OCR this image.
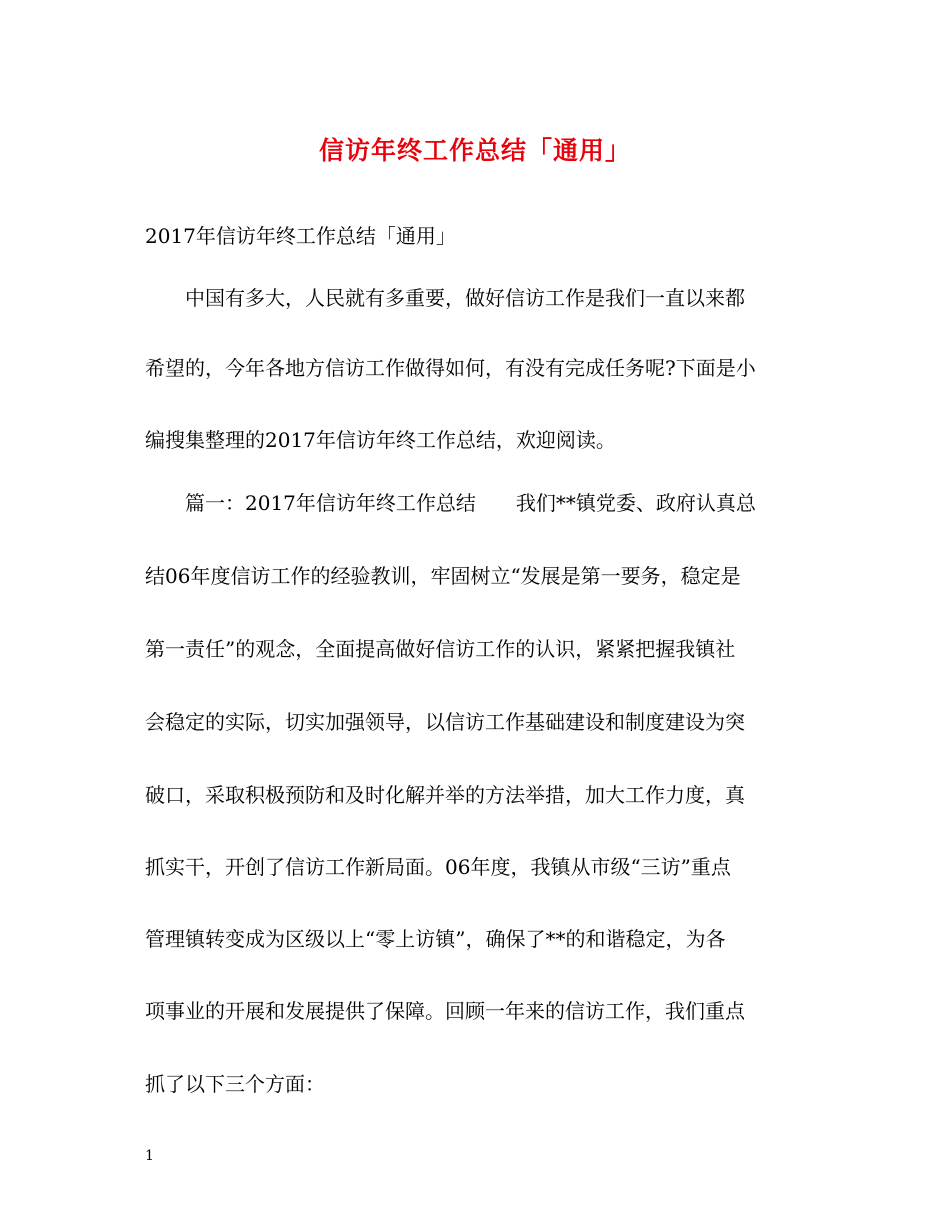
信访年终工作总结「通用」
2017年信访年终工作总结「通用」
　　中国有多大，人民就有多重要，做好信访工作是我们一直以来都
希望的，今年各地方信访工作做得如何，有没有完成任务呢?下面是小
编搜集整理的2017年信访年终工作总结，欢迎阅读。
　　篇一：2017年信访年终工作总结　　我们**镇党委、政府认真总
结06年度信访工作的经验教训，牢固树立“发展是第一要务，稳定是
第一责任”的观念，全面提高做好信访工作的认识，紧紧把握我镇社
会稳定的实际，切实加强领导，以信访工作基础建设和制度建设为突
破口，采取积极预防和及时化解并举的方法举措，加大工作力度，真
抓实干，开创了信访工作新局面。06年度，我镇从市级“三访”重点
管理镇转变成为区级以上“零上访镇”，确保了**的和谐稳定，为各
项事业的开展和发展提供了保障。回顾一年来的信访工作，我们重点
抓了以下三个方面：
1
